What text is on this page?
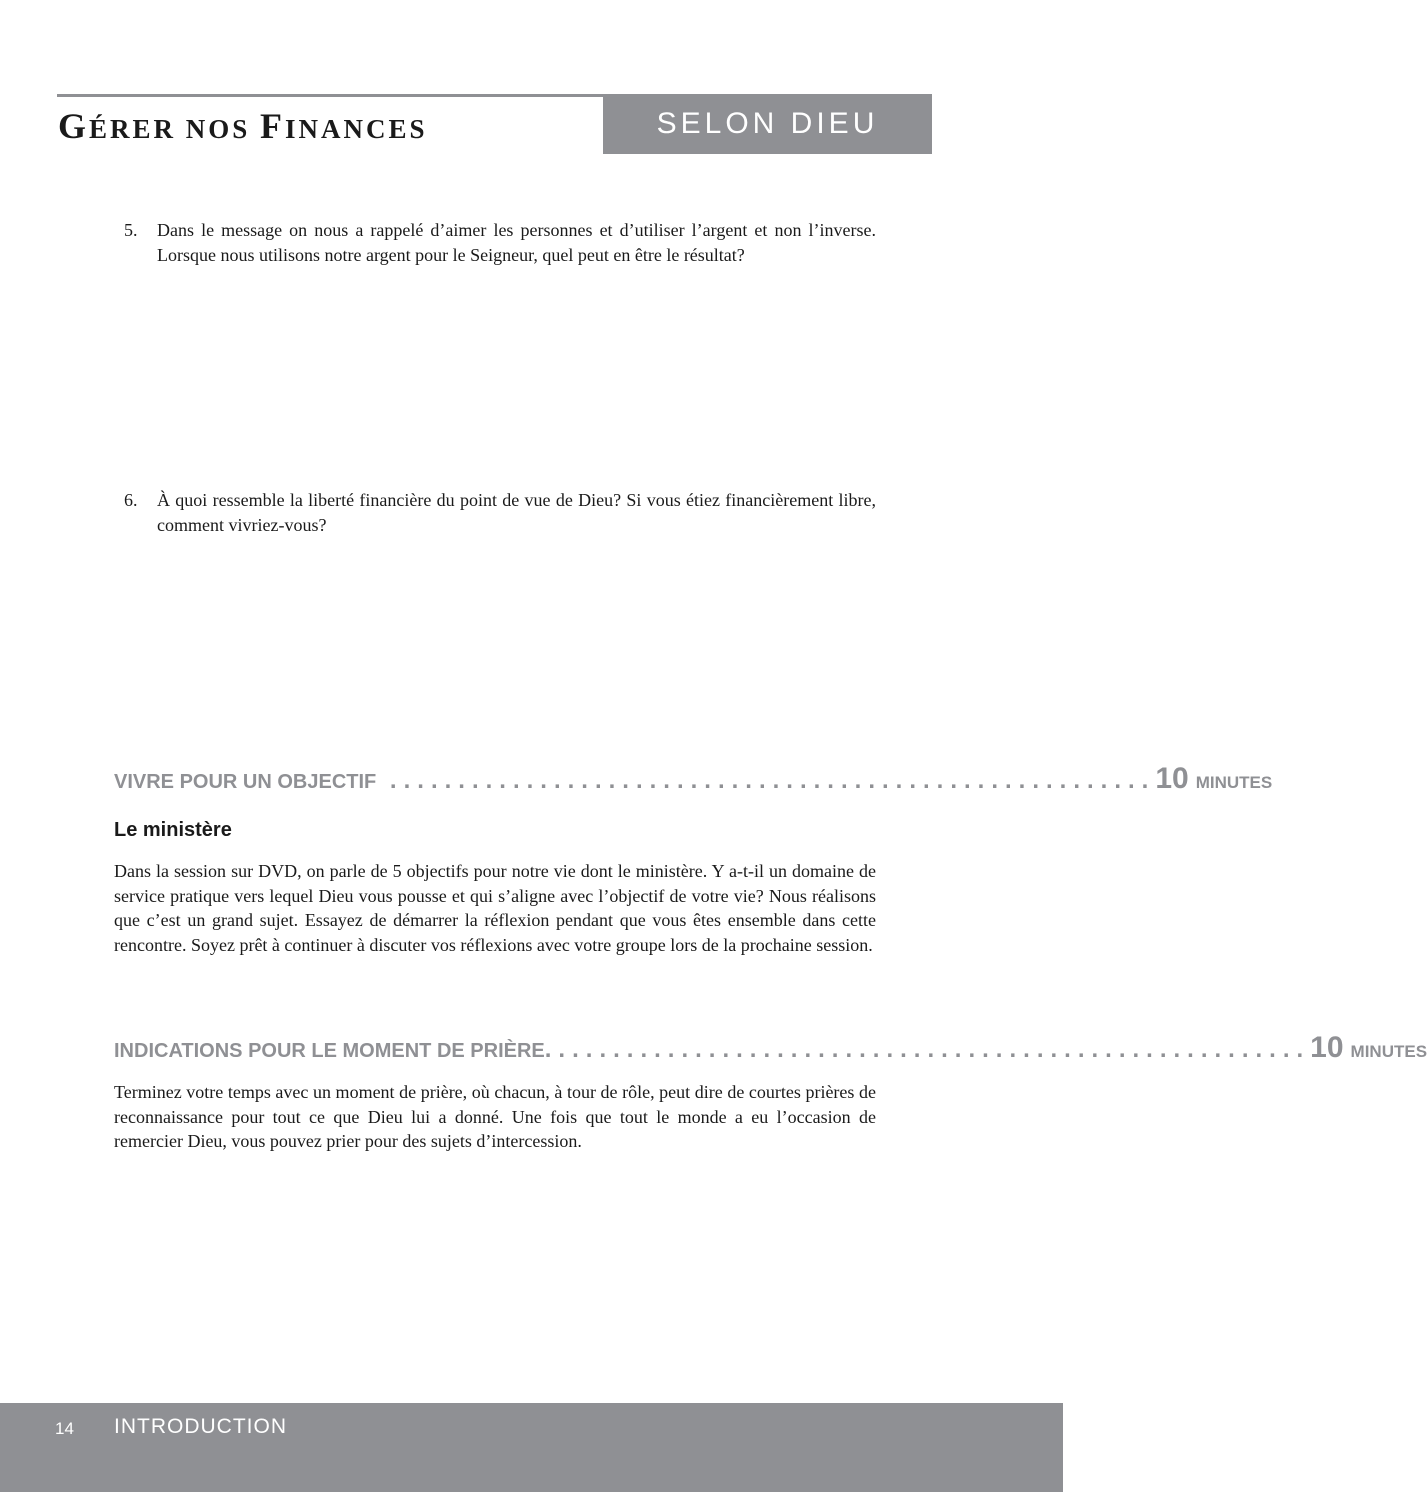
GÉRER NOS FINANCES	SELON DIEU
5.	Dans le message on nous a rappelé d’aimer les personnes et d’utiliser l’argent et non l’inverse. Lorsque nous utilisons notre argent pour le Seigneur, quel peut en être le résultat?
6.	À quoi ressemble la liberté financière du point de vue de Dieu? Si vous étiez financièrement libre, comment vivriez-vous?
VIVRE POUR UN OBJECTIF ........................................................ 10 MINUTES
Le ministère
Dans la session sur DVD, on parle de 5 objectifs pour notre vie dont le ministère. Y a-t-il un domaine de service pratique vers lequel Dieu vous pousse et qui s’aligne avec l’objectif de votre vie? Nous réalisons que c’est un grand sujet. Essayez de démarrer la réflexion pendant que vous êtes ensemble dans cette rencontre. Soyez prêt à continuer à discuter vos réflexions avec votre groupe lors de la prochaine session.
INDICATIONS POUR LE MOMENT DE PRIÈRE ........................................................ 10 MINUTES
Terminez votre temps avec un moment de prière, où chacun, à tour de rôle, peut dire de courtes prières de reconnaissance pour tout ce que Dieu lui a donné. Une fois que tout le monde a eu l’occasion de remercier Dieu, vous pouvez prier pour des sujets d’intercession.
14 INTRODUCTION
